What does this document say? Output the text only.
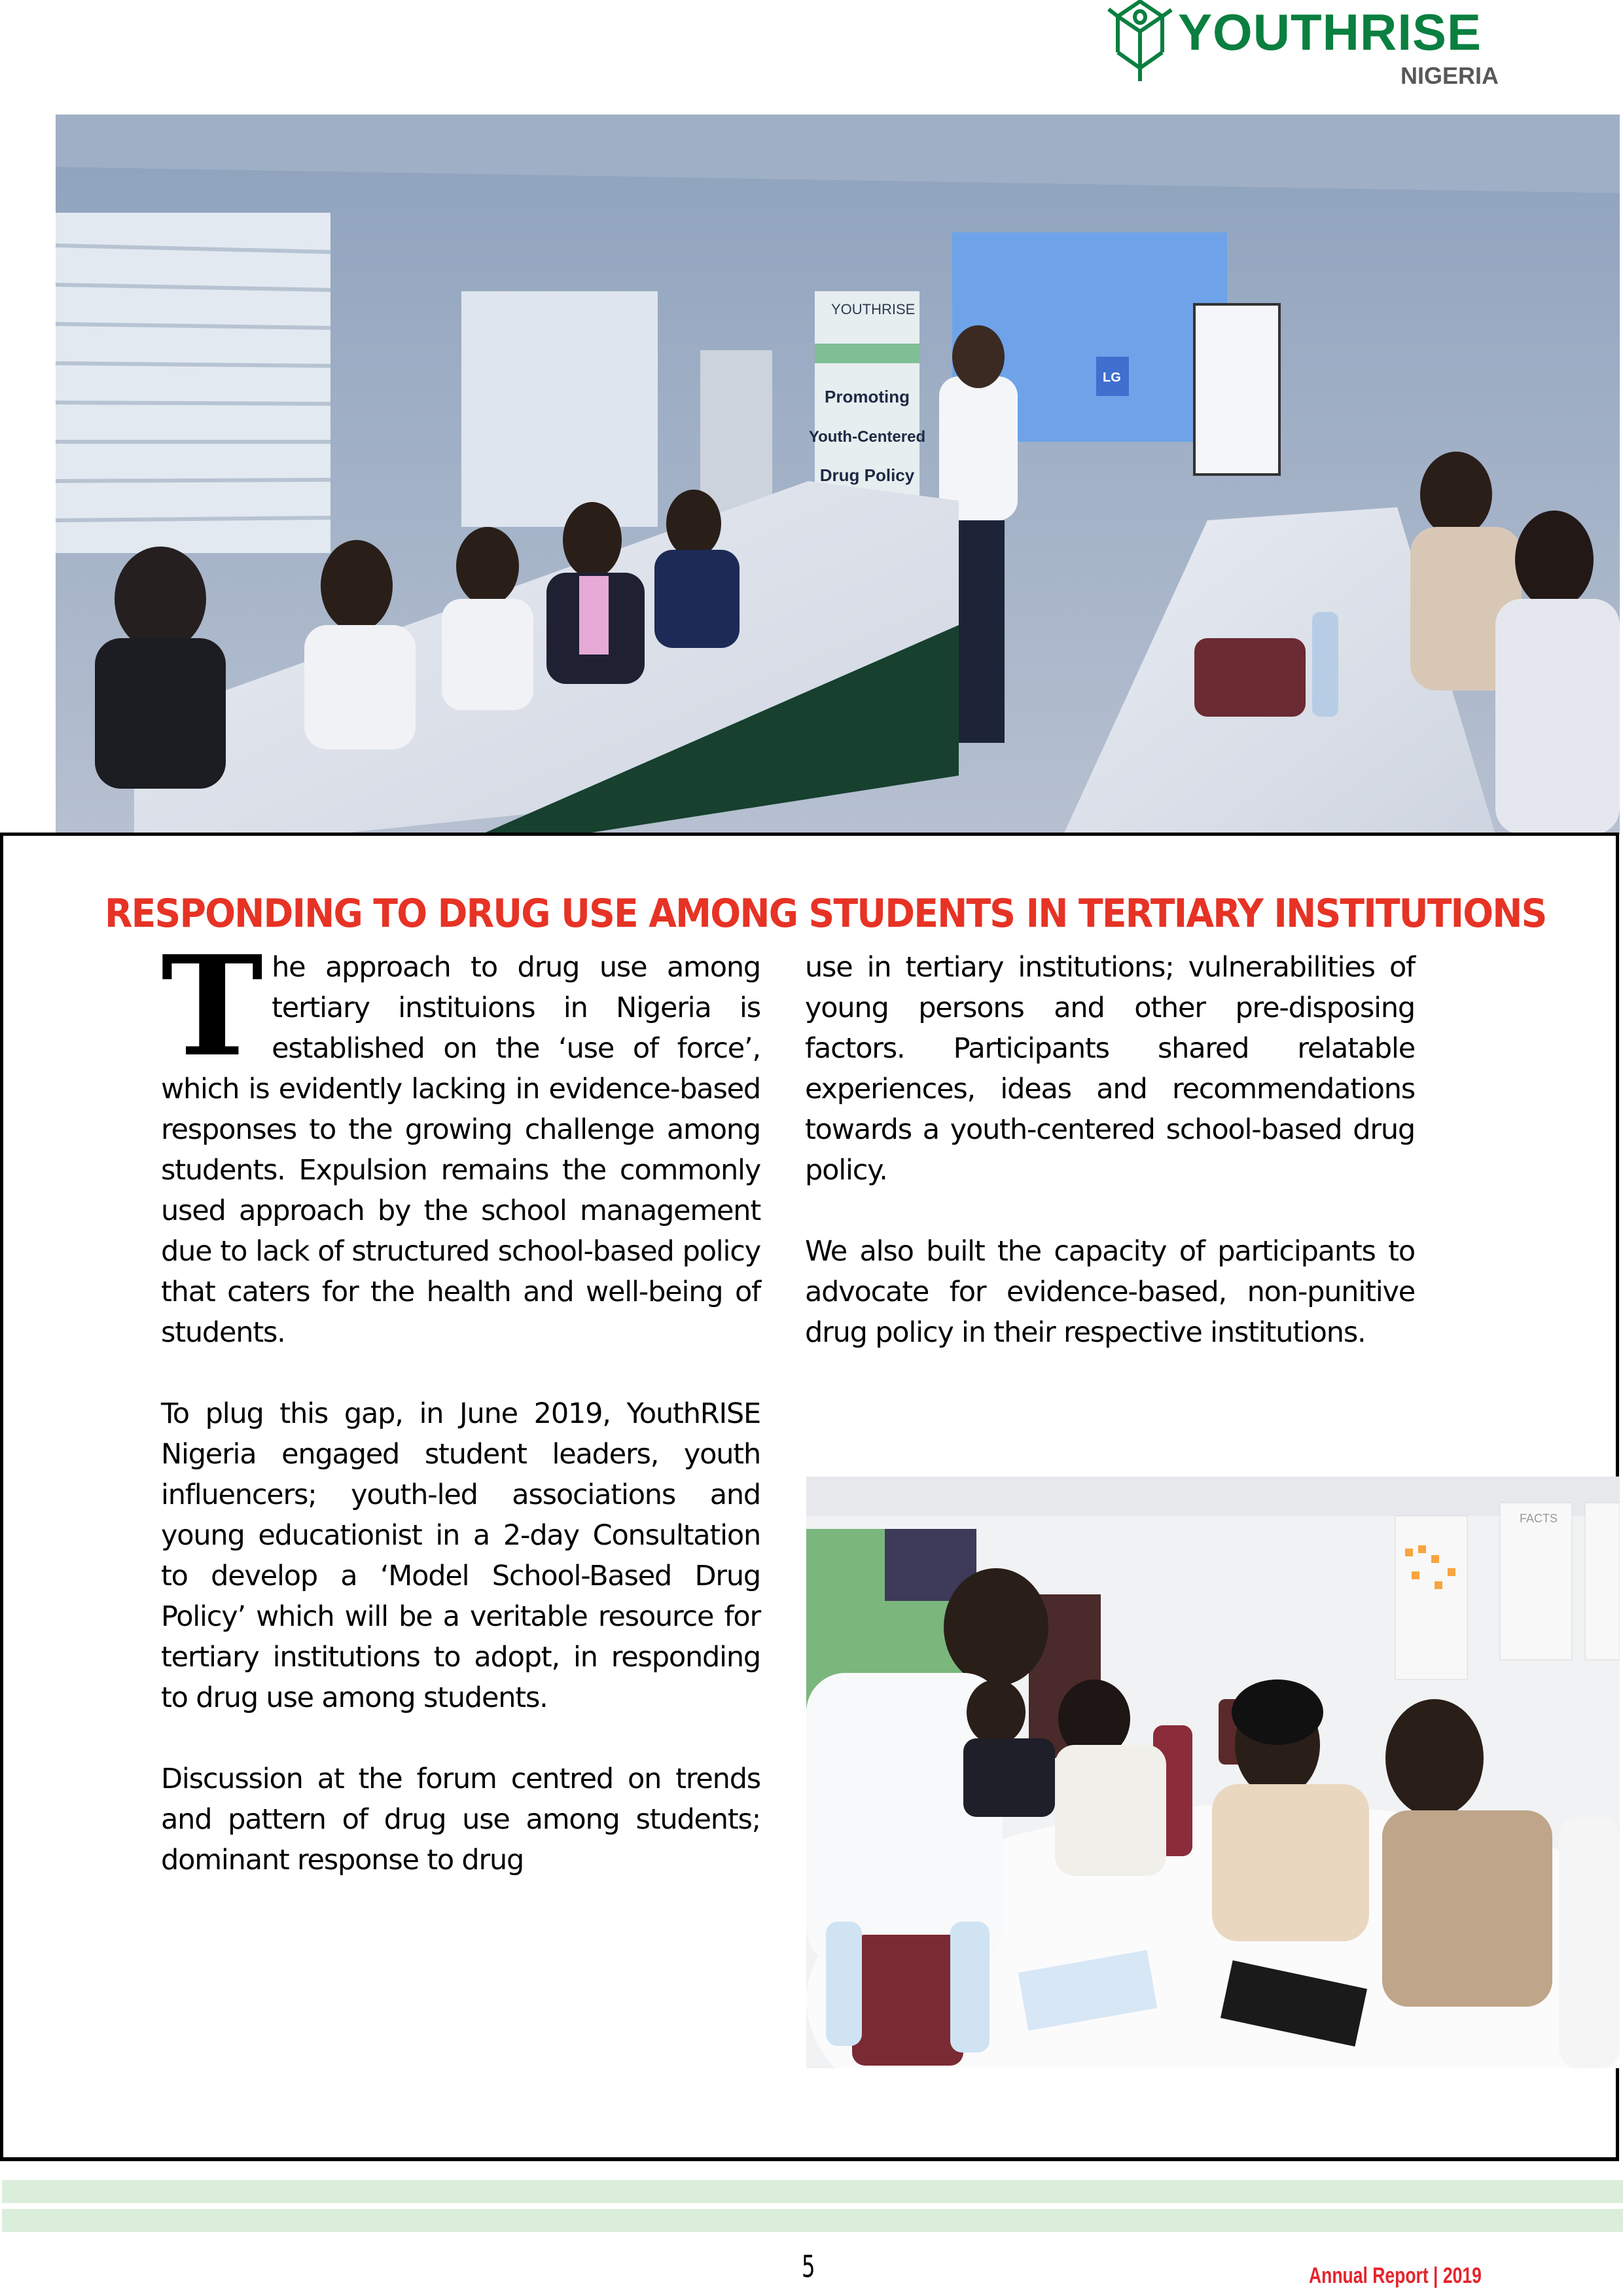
YOUTHRISE
NIGERIA
YOUTHRISE
Promoting
Youth-Centered
Drug Policy
LG
RESPONDING TO DRUG USE AMONG STUDENTS IN TERTIARY INSTITUTIONS

The approach to drug use among tertiary instituions in Nigeria is established on the ‘use of force’, which is evidently lacking in evidence-based responses to the growing challenge among students. Expulsion remains the commonly used approach by the school management due to lack of structured school-based policy that caters for the health and well-being of students.

To plug this gap, in June 2019, YouthRISE Nigeria engaged student leaders, youth influencers; youth-led associations and young educationist in a 2-day Consultation to develop a ‘Model School-Based Drug Policy’ which will be a veritable resource for tertiary institutions to adopt, in responding to drug use among students.

Discussion at the forum centred on trends and pattern of drug use among students; dominant response to drug

use in tertiary institutions; vulnerabilities of young persons and other pre-disposing factors. Participants shared relatable experiences, ideas and recommendations towards a youth-centered school-based drug policy.

We also built the capacity of participants to advocate for evidence-based, non-punitive drug policy in their respective institutions.

FACTS
5	Annual Report | 2019
